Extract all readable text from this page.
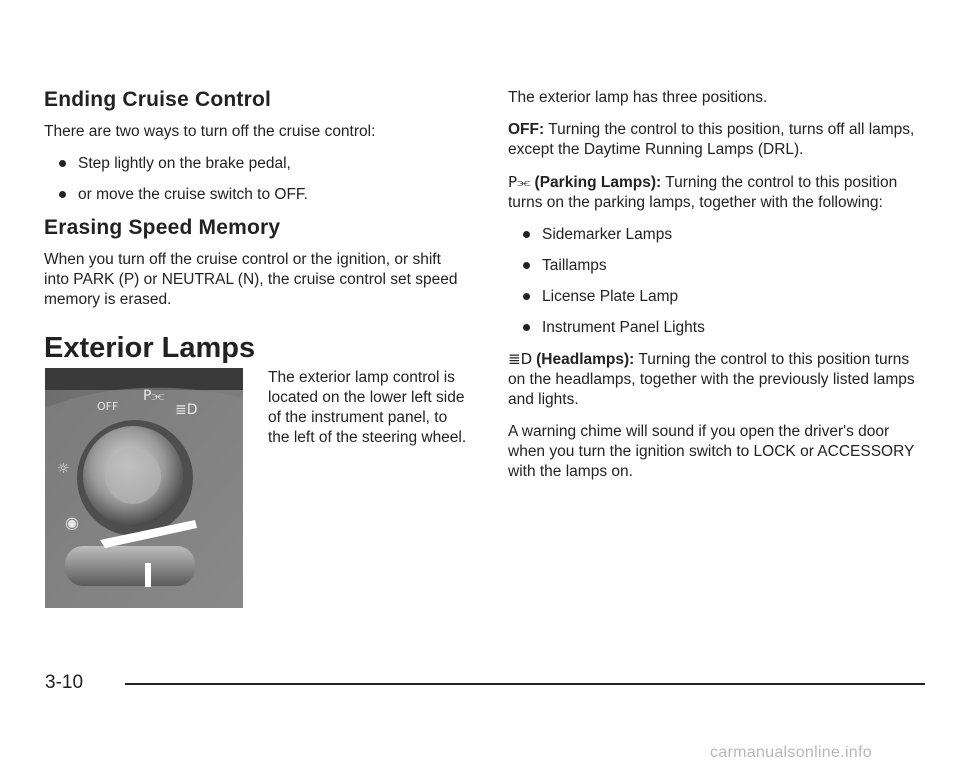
Ending Cruise Control

There are two ways to turn off the cruise control:

Step lightly on the brake pedal,
or move the cruise switch to OFF.
Erasing Speed Memory

When you turn off the cruise control or the ignition, or shift into PARK (P) or NEUTRAL (N), the cruise control set speed memory is erased.

Exterior Lamps
OFF
P⫘
≣D
☼
◉
The exterior lamp control is located on the lower left side of the instrument panel, to the left of the steering wheel.

The exterior lamp has three positions.

OFF: Turning the control to this position, turns off all lamps, except the Daytime Running Lamps (DRL).

P⫘ (Parking Lamps): Turning the control to this position turns on the parking lamps, together with the following:

Sidemarker Lamps
Taillamps
License Plate Lamp
Instrument Panel Lights

≣D (Headlamps): Turning the control to this position turns on the headlamps, together with the previously listed lamps and lights.

A warning chime will sound if you open the driver's door when you turn the ignition switch to LOCK or ACCESSORY with the lamps on.

3-10
carmanualsonline.info
